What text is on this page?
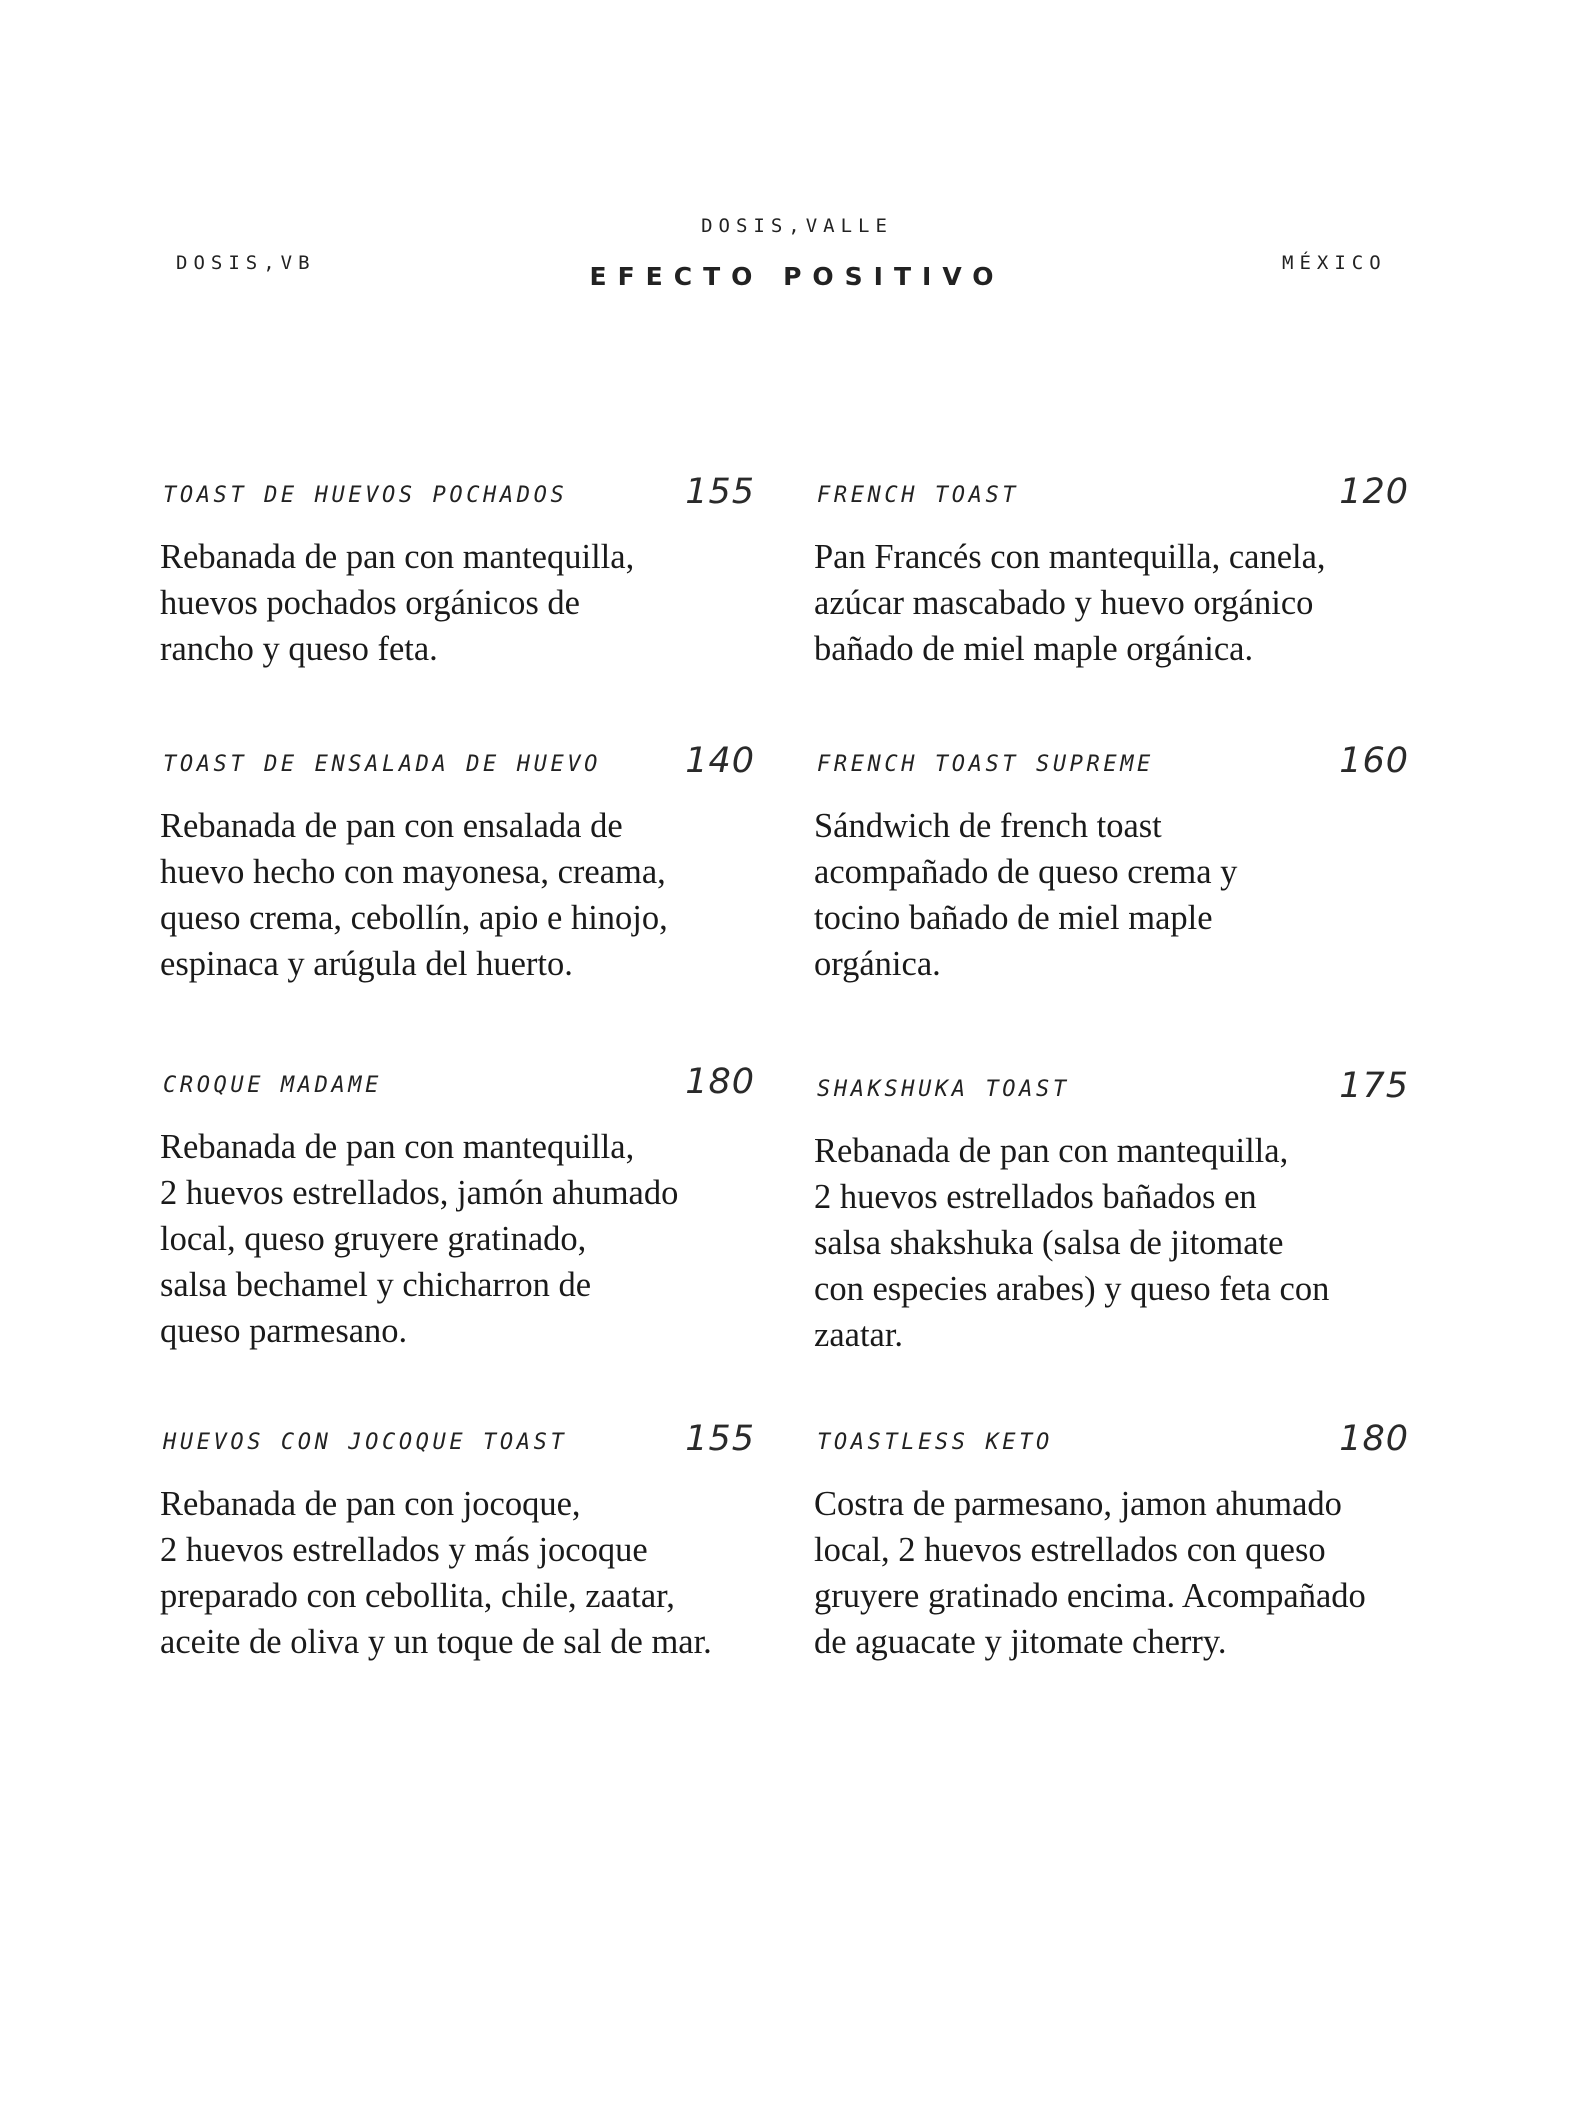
DOSIS,VB
DOSIS,VALLE
EFECTO POSITIVO	MÉXICO
TOAST DE HUEVOS POCHADOS	155
Rebanada de pan con mantequilla,
huevos pochados orgánicos de
rancho y queso feta.
TOAST DE ENSALADA DE HUEVO 140
Rebanada de pan con ensalada de
huevo hecho con mayonesa, creama,
queso crema, cebollín, apio e hinojo,
espinaca y arúgula del huerto.
CROQUE MADAME	180
Rebanada de pan con mantequilla,
2 huevos estrellados, jamón ahumado
local, queso gruyere gratinado,
salsa bechamel y chicharron de
queso parmesano.
HUEVOS CON JOCOQUE TOAST	155
Rebanada de pan con jocoque,
2 huevos estrellados y más jocoque
preparado con cebollita, chile, zaatar,
aceite de oliva y un toque de sal de mar.
FRENCH TOAST	120
Pan Francés con mantequilla, canela,
azúcar mascabado y huevo orgánico
bañado de miel maple orgánica.
FRENCH TOAST SUPREME	160
Sándwich de french toast
acompañado de queso crema y
tocino bañado de miel maple
orgánica.
SHAKSHUKA TOAST	175
Rebanada de pan con mantequilla,
2 huevos estrellados bañados en
salsa shakshuka (salsa de jitomate
con especies arabes) y queso feta con
zaatar.
TOASTLESS KETO	180
Costra de parmesano, jamon ahumado
local, 2 huevos estrellados con queso
gruyere gratinado encima. Acompañado
de aguacate y jitomate cherry.
